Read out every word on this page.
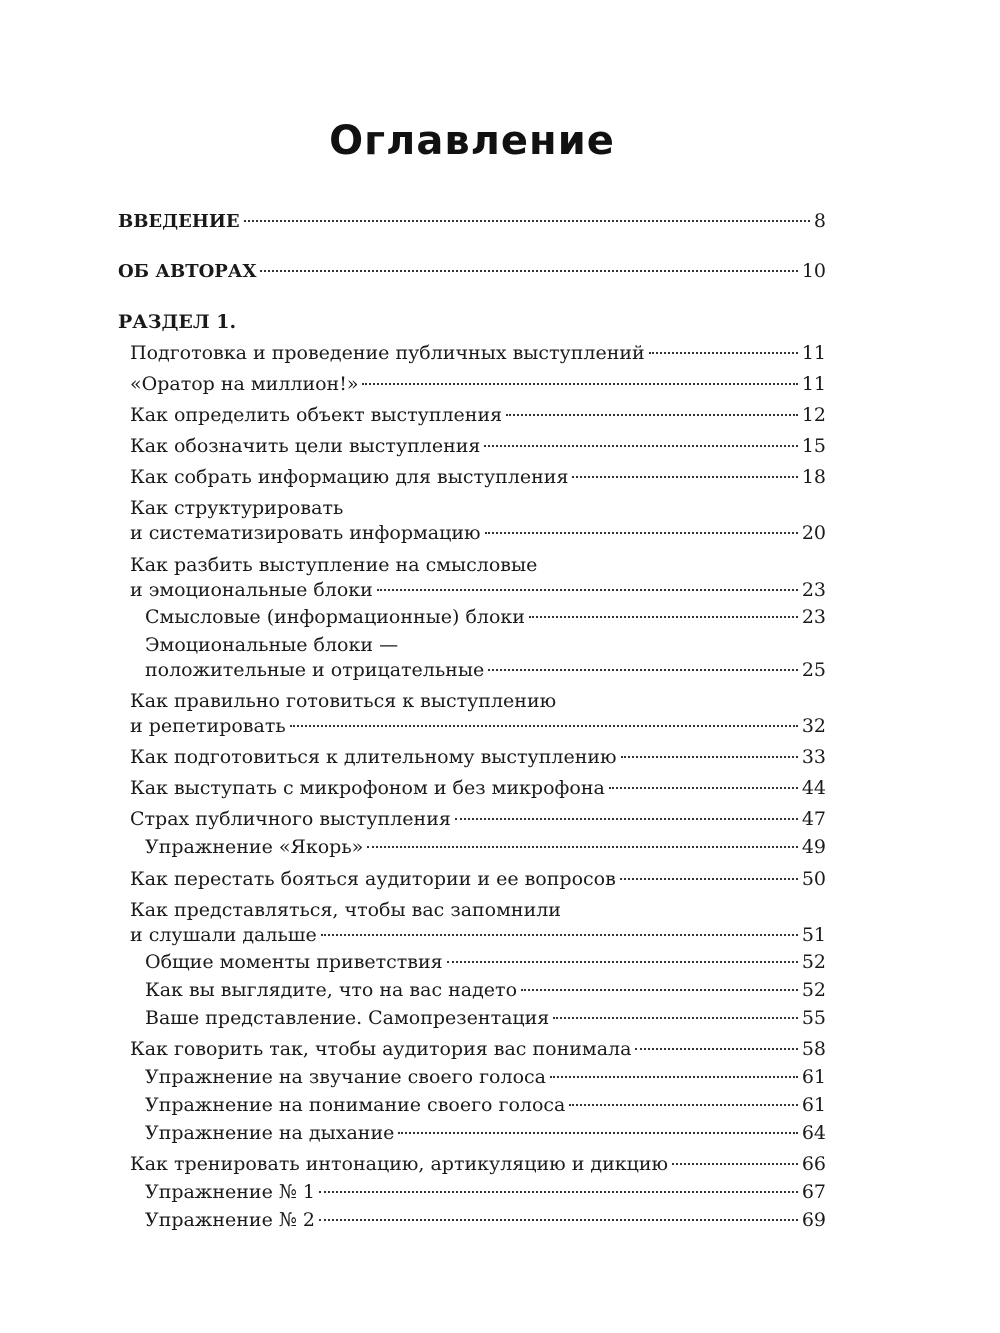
Оглавление
ВВЕДЕНИЕ	8
ОБ АВТОРАХ	10
РАЗДЕЛ 1.
Подготовка и проведение публичных выступлений	11
«Оратор на миллион!»	11
Как определить объект выступления	12
Как обозначить цели выступления	15
Как собрать информацию для выступления	18
Как структурировать
и систематизировать информацию	20
Как разбить выступление на смысловые
и эмоциональные блоки	23
Смысловые (информационные) блоки	23
Эмоциональные блоки —
положительные и отрицательные	25
Как правильно готовиться к выступлению
и репетировать	32
Как подготовиться к длительному выступлению	33
Как выступать с микрофоном и без микрофона	44
Страх публичного выступления	47
Упражнение «Якорь»	49
Как перестать бояться аудитории и ее вопросов	50
Как представляться, чтобы вас запомнили
и слушали дальше	51
Общие моменты приветствия	52
Как вы выглядите, что на вас надето	52
Ваше представление. Самопрезентация	55
Как говорить так, чтобы аудитория вас понимала	58
Упражнение на звучание своего голоса	61
Упражнение на понимание своего голоса	61
Упражнение на дыхание	64
Как тренировать интонацию, артикуляцию и дикцию	66
Упражнение № 1	67
Упражнение № 2	69
